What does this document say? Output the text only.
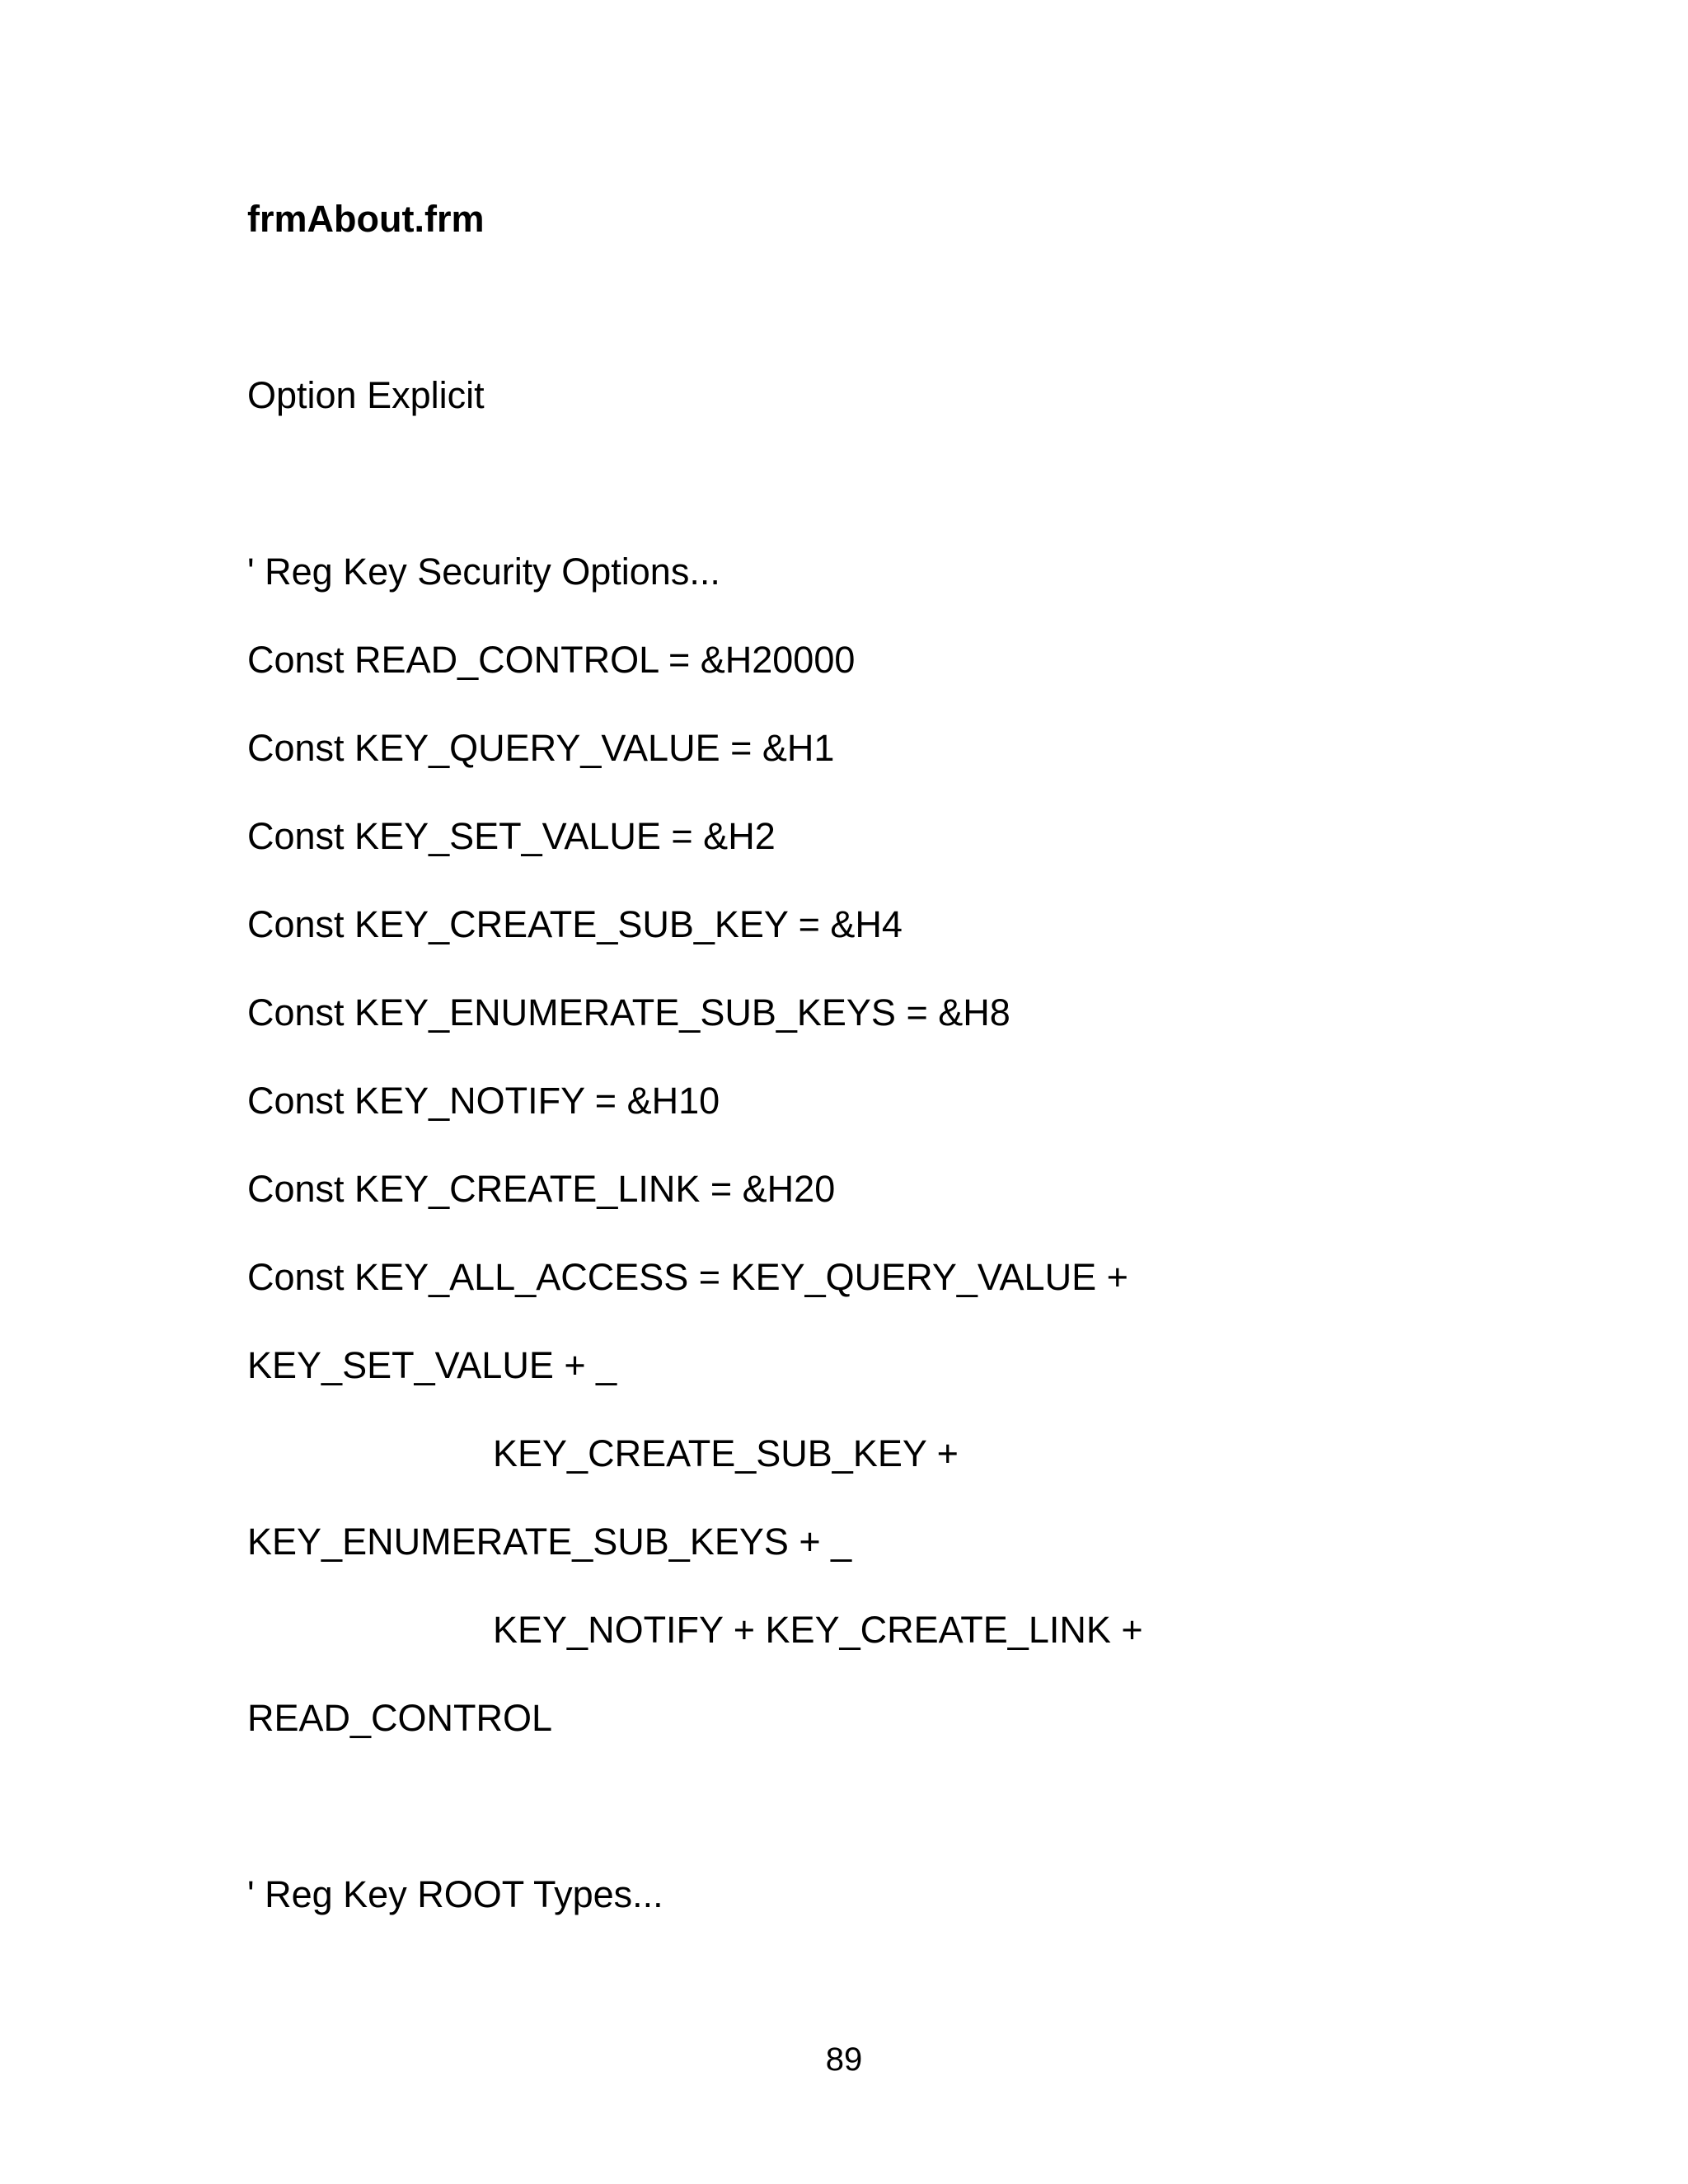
frmAbout.frm
Option Explicit
' Reg Key Security Options...
Const READ_CONTROL = &H20000
Const KEY_QUERY_VALUE = &H1
Const KEY_SET_VALUE = &H2
Const KEY_CREATE_SUB_KEY = &H4
Const KEY_ENUMERATE_SUB_KEYS = &H8
Const KEY_NOTIFY = &H10
Const KEY_CREATE_LINK = &H20
Const KEY_ALL_ACCESS = KEY_QUERY_VALUE +
KEY_SET_VALUE + _
KEY_CREATE_SUB_KEY +
KEY_ENUMERATE_SUB_KEYS + _
KEY_NOTIFY + KEY_CREATE_LINK +
READ_CONTROL
' Reg Key ROOT Types...
89
